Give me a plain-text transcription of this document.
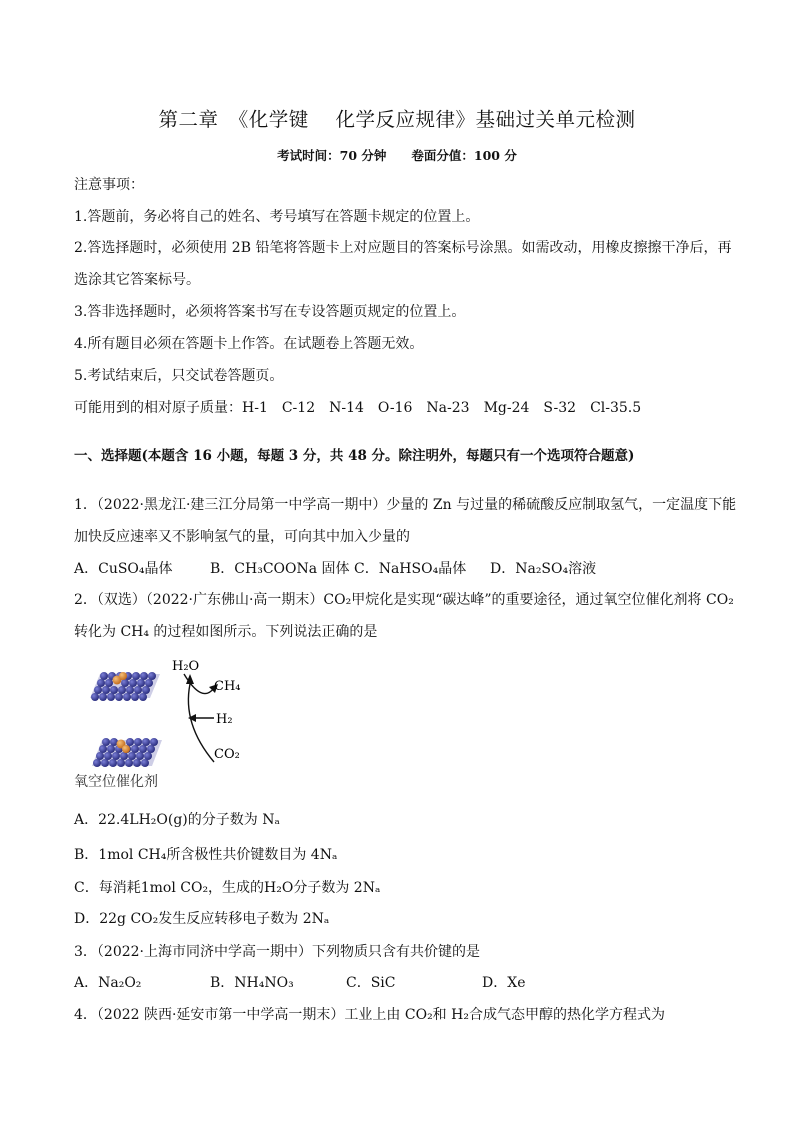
第二章　《化学键　 化学反应规律》基础过关单元检测
考试时间：70 分钟　　卷面分值：100 分
注意事项：
1.答题前，务必将自己的姓名、考号填写在答题卡规定的位置上。
2.答选择题时，必须使用 2B 铅笔将答题卡上对应题目的答案标号涂黑。如需改动，用橡皮擦擦干净后，再
选涂其它答案标号。
3.答非选择题时，必须将答案书写在专设答题页规定的位置上。
4.所有题目必须在答题卡上作答。在试题卷上答题无效。
5.考试结束后，只交试卷答题页。
可能用到的相对原子质量：H-1　C-12　N-14　O-16　Na-23　Mg-24　S-32　Cl-35.5
一、选择题(本题含 16 小题，每题 3 分，共 48 分。除注明外，每题只有一个选项符合题意)
1．（2022·黑龙江·建三江分局第一中学高一期中）少量的 Zn 与过量的稀硫酸反应制取氢气，一定温度下能
加快反应速率又不影响氢气的量，可向其中加入少量的
A．CuSO₄晶体	B．CH₃COONa 固体 C．NaHSO₄晶体 D．Na₂SO₄溶液
2．（双选）（2022·广东佛山·高一期末）CO₂甲烷化是实现“碳达峰”的重要途径，通过氧空位催化剂将 CO₂
转化为 CH₄ 的过程如图所示。下列说法正确的是
H₂O
CH₄
H₂
CO₂
氧空位催化剂
A．22.4LH₂O(g)的分子数为 Nₐ
B．1mol CH₄所含极性共价键数目为 4Nₐ
C．每消耗1mol CO₂，生成的H₂O分子数为 2Nₐ
D．22g CO₂发生反应转移电子数为 2Nₐ
3．（2022·上海市同济中学高一期中）下列物质只含有共价键的是
A．Na₂O₂	B．NH₄NO₃	C．SiC	D．Xe
4．（2022 陕西·延安市第一中学高一期末）工业上由 CO₂和 H₂合成气态甲醇的热化学方程式为
